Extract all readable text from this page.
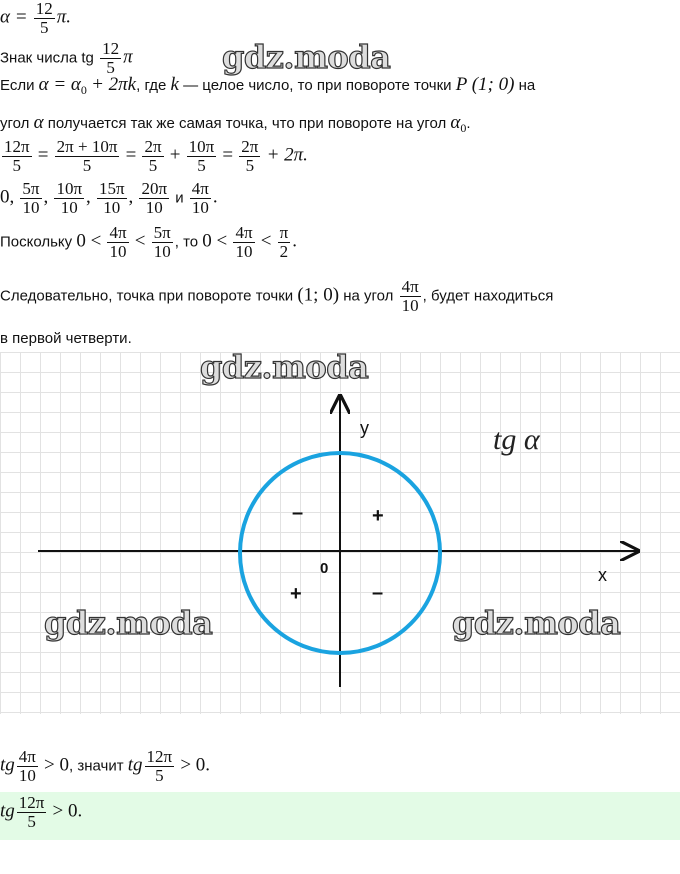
$\alpha = \frac{12}{5} \pi$.
Знак числа tg $\frac{12}{5}$ π
Если $\alpha = \alpha_0 + 2\pi k$, где k — целое число, то при повороте точки P (1; 0) на
угол α получается так же самая точка, что при повороте на угол $\alpha_0$.
$\frac{12\pi}{5} = \frac{2\pi + 10\pi}{5} = \frac{2\pi}{5} + \frac{10\pi}{5} = \frac{2\pi}{5} + 2\pi$.
0, $\frac{5\pi}{10}$ , $\frac{10\pi}{10}$ , $\frac{15\pi}{10}$ , $\frac{20\pi}{10}$ и $\frac{4\pi}{10}$ .
Поскольку $0 < \frac{4\pi}{10} < \frac{5\pi}{10}$ , то $0 < \frac{4\pi}{10} < \frac{\pi}{2}$ .
Следовательно, точка при повороте точки (1; 0) на угол $\frac{4\pi}{10}$ , будет находиться
в первой четверти.
y
x
0
tg α
+
–
+	–
gdz.moda
gdz.moda
gdz.moda	gdz.moda
tg $\frac{4\pi}{10} > 0$, значит tg $\frac{12\pi}{5} > 0$.
tg $\frac{12\pi}{5} > 0$.
